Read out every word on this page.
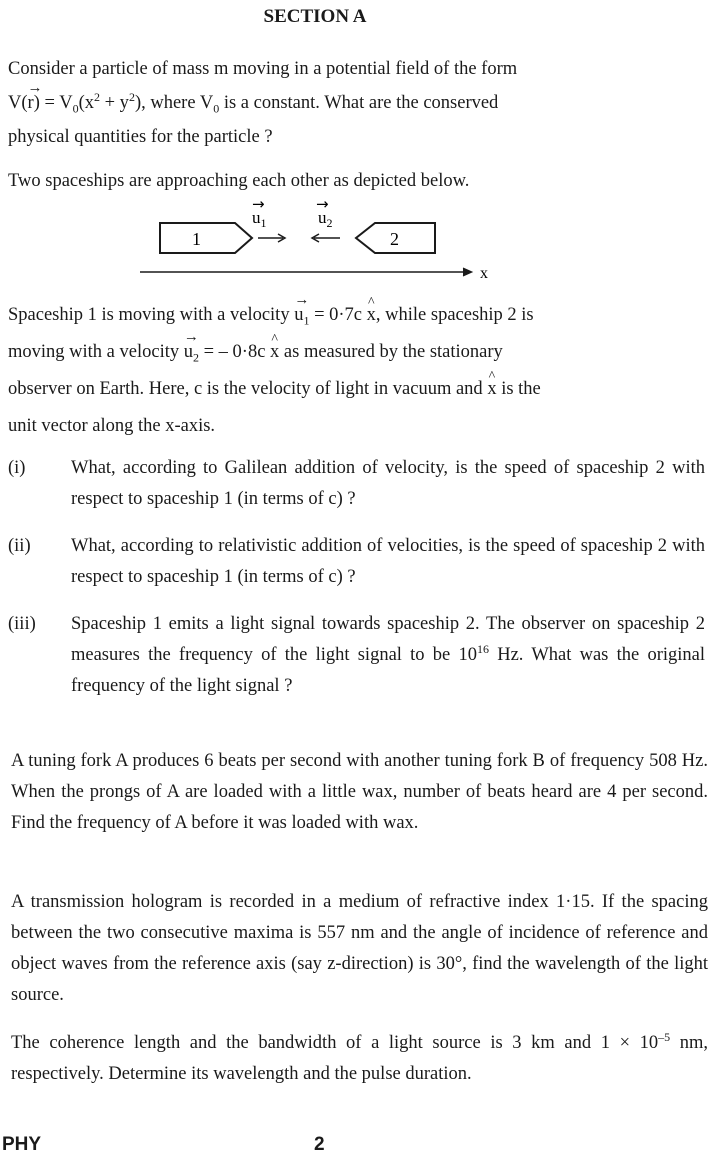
SECTION A
Consider a particle of mass m moving in a potential field of the form
$V(\to r) = V_0(x^2 + y^2)$, where $V_0$ is a constant. What are the conserved
physical quantities for the particle ?
Two spaceships are approaching each other as depicted below.
1
$u_1$
→
$u_2$
→
2
x
Spaceship 1 is moving with a velocity → $u_1 = 0\cdot 7c$ ^ x, while spaceship 2 is
moving with a velocity → $u_2$ = – 0·8c ^ x as measured by the stationary
observer on Earth. Here, c is the velocity of light in vacuum and ^ x is the
unit vector along the x-axis.
(i) What, according to Galilean addition of velocity, is the speed of spaceship 2 with respect to spaceship 1 (in terms of c) ?
(ii) What, according to relativistic addition of velocities, is the speed of spaceship 2 with respect to spaceship 1 (in terms of c) ?
(iii) Spaceship 1 emits a light signal towards spaceship 2. The observer on spaceship 2 measures the frequency of the light signal to be $10^{16}$ Hz. What was the original frequency of the light signal ?
A tuning fork A produces 6 beats per second with another tuning fork B of frequency 508 Hz. When the prongs of A are loaded with a little wax, number of beats heard are 4 per second. Find the frequency of A before it was loaded with wax.
A transmission hologram is recorded in a medium of refractive index 1·15. If the spacing between the two consecutive maxima is 557 nm and the angle of incidence of reference and object waves from the reference axis (say z-direction) is 30°, find the wavelength of the light source.
The coherence length and the bandwidth of a light source is 3 km and $1 \times 10^{-5}$ nm, respectively. Determine its wavelength and the pulse duration.
PHY	2
